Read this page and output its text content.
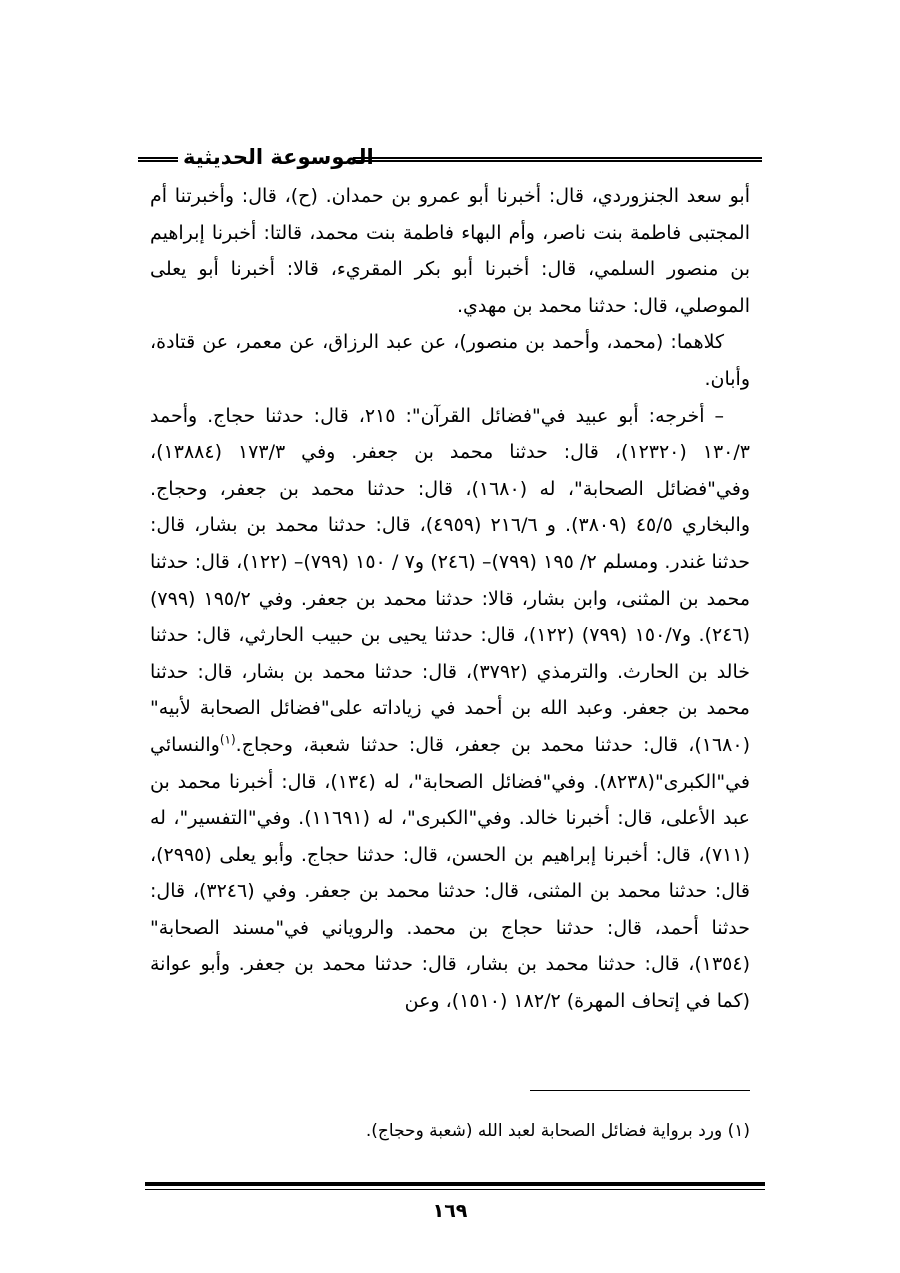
الموسوعة الحديثية

أبو سعد الجنزوردي، قال: أخبرنا أبو عمرو بن حمدان. (ح)، قال: وأخبرتنا أم المجتبى فاطمة بنت ناصر، وأم البهاء فاطمة بنت محمد، قالتا: أخبرنا إبراهيم بن منصور السلمي، قال: أخبرنا أبو بكر المقريء، قالا: أخبرنا أبو يعلى الموصلي، قال: حدثنا محمد بن مهدي.

كلاهما: (محمد، وأحمد بن منصور)، عن عبد الرزاق، عن معمر، عن قتادة، وأبان.

– أخرجه: أبو عبيد في"فضائل القرآن": ٢١٥، قال: حدثنا حجاج. وأحمد ١٣٠/٣ (١٢٣٢٠)، قال: حدثنا محمد بن جعفر. وفي ١٧٣/٣ (١٣٨٨٤)، وفي"فضائل الصحابة"، له (١٦٨٠)، قال: حدثنا محمد بن جعفر، وحجاج. والبخاري ٤٥/٥ (٣٨٠٩). و ٢١٦/٦ (٤٩٥٩)، قال: حدثنا محمد بن بشار، قال: حدثنا غندر. ومسلم ٢/ ١٩٥ (٧٩٩)– (٢٤٦) و٧ / ١٥٠ (٧٩٩)– (١٢٢)، قال: حدثنا محمد بن المثنى، وابن بشار، قالا: حدثنا محمد بن جعفر. وفي ١٩٥/٢ (٧٩٩) (٢٤٦). و١٥٠/٧ (٧٩٩) (١٢٢)، قال: حدثنا يحيى بن حبيب الحارثي، قال: حدثنا خالد بن الحارث. والترمذي (٣٧٩٢)، قال: حدثنا محمد بن بشار، قال: حدثنا محمد بن جعفر. وعبد الله بن أحمد في زياداته على"فضائل الصحابة لأبيه"(١٦٨٠)، قال: حدثنا محمد بن جعفر، قال: حدثنا شعبة، وحجاج.$^{(١)}$والنسائي في"الكبرى"(٨٢٣٨). وفي"فضائل الصحابة"، له (١٣٤)، قال: أخبرنا محمد بن عبد الأعلى، قال: أخبرنا خالد. وفي"الكبرى"، له (١١٦٩١). وفي"التفسير"، له (٧١١)، قال: أخبرنا إبراهيم بن الحسن، قال: حدثنا حجاج. وأبو يعلى (٢٩٩٥)، قال: حدثنا محمد بن المثنى، قال: حدثنا محمد بن جعفر. وفي (٣٢٤٦)، قال: حدثنا أحمد، قال: حدثنا حجاج بن محمد. والروياني في"مسند الصحابة"(١٣٥٤)، قال: حدثنا محمد بن بشار، قال: حدثنا محمد بن جعفر. وأبو عوانة (كما في إتحاف المهرة) ١٨٢/٢ (١٥١٠)، وعن

(١) ورد برواية فضائل الصحابة لعبد الله (شعبة وحجاج).
١٦٩
